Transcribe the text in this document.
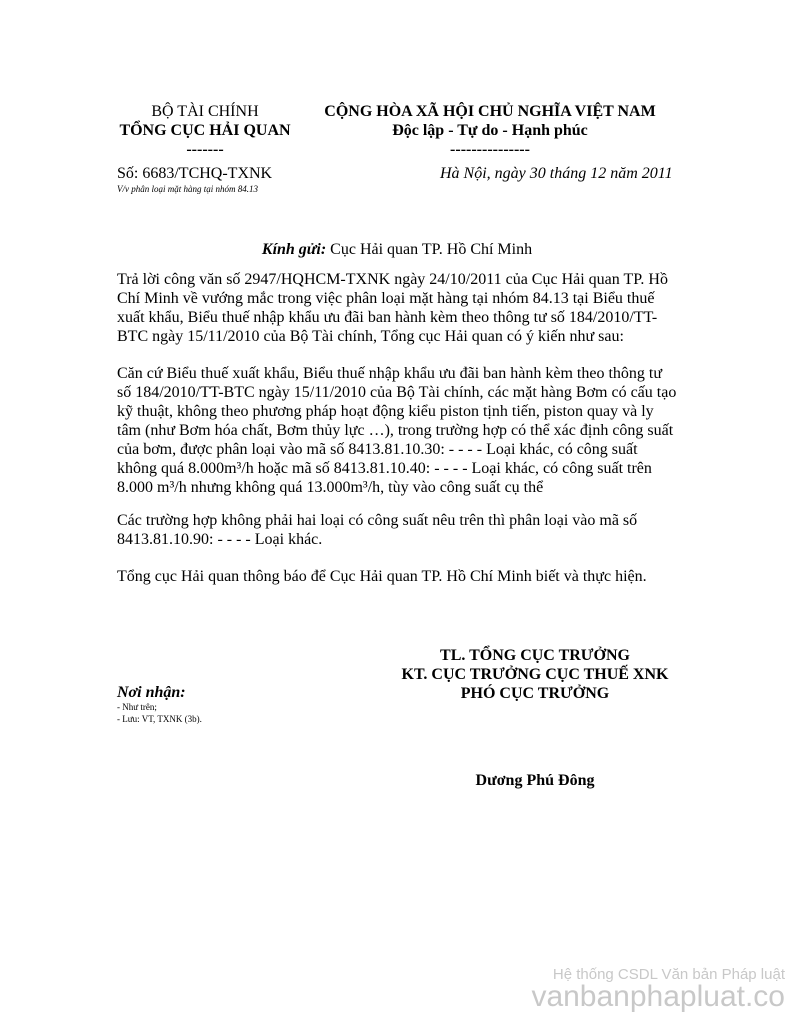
BỘ TÀI CHÍNH
TỔNG CỤC HẢI QUAN
-------
CỘNG HÒA XÃ HỘI CHỦ NGHĨA VIỆT NAM
Độc lập - Tự do - Hạnh phúc
---------------
Số: 6683/TCHQ-TXNK
V/v phân loại mặt hàng tại nhóm 84.13
Hà Nội, ngày 30 tháng 12 năm 2011
Kính gửi: Cục Hải quan TP. Hồ Chí Minh

Trả lời công văn số 2947/HQHCM-TXNK ngày 24/10/2011 của Cục Hải quan TP. Hồ Chí Minh về vướng mắc trong việc phân loại mặt hàng tại nhóm 84.13 tại Biểu thuế xuất khẩu, Biểu thuế nhập khẩu ưu đãi ban hành kèm theo thông tư số 184/2010/TT-BTC ngày 15/11/2010 của Bộ Tài chính, Tổng cục Hải quan có ý kiến như sau:

Căn cứ Biểu thuế xuất khẩu, Biểu thuế nhập khẩu ưu đãi ban hành kèm theo thông tư số 184/2010/TT-BTC ngày 15/11/2010 của Bộ Tài chính, các mặt hàng Bơm có cấu tạo kỹ thuật, không theo phương pháp hoạt động kiểu piston tịnh tiến, piston quay và ly tâm (như Bơm hóa chất, Bơm thủy lực …), trong trường hợp có thể xác định công suất của bơm, được phân loại vào mã số 8413.81.10.30: - - - - Loại khác, có công suất không quá 8.000m³/h hoặc mã số 8413.81.10.40: - - - - Loại khác, có công suất trên 8.000 m³/h nhưng không quá 13.000m³/h, tùy vào công suất cụ thể

Các trường hợp không phải hai loại có công suất nêu trên thì phân loại vào mã số 8413.81.10.90: - - - - Loại khác.

Tổng cục Hải quan thông báo để Cục Hải quan TP. Hồ Chí Minh biết và thực hiện.

TL. TỔNG CỤC TRƯỞNG
KT. CỤC TRƯỞNG CỤC THUẾ XNK
PHÓ CỤC TRƯỞNG
Dương Phú Đông
Nơi nhận:
- Như trên;
- Lưu: VT, TXNK (3b).
Hệ thống CSDL Văn bản Pháp luật
vanbanphapluat.co
